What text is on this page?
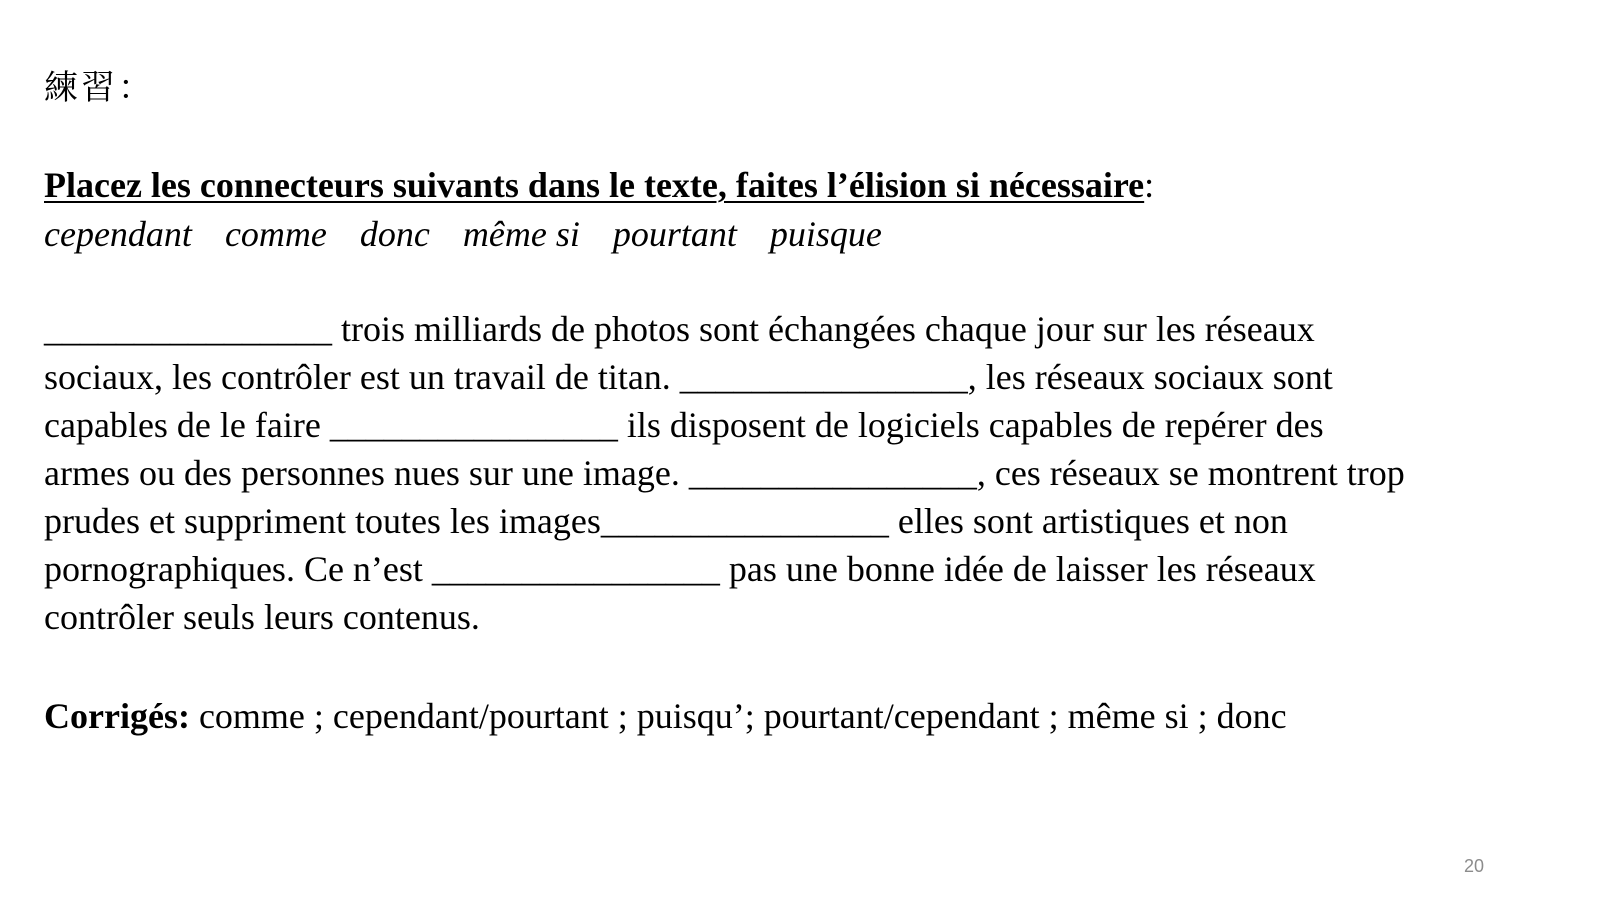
練習：
Placez les connecteurs suivants dans le texte, faites l’élision si nécessaire:
cependant comme donc même si pourtant puisque
________________ trois milliards de photos sont échangées chaque jour sur les réseaux
sociaux, les contrôler est un travail de titan. ________________, les réseaux sociaux sont
capables de le faire ________________ ils disposent de logiciels capables de repérer des
armes ou des personnes nues sur une image. ________________, ces réseaux se montrent trop
prudes et suppriment toutes les images________________ elles sont artistiques et non
pornographiques. Ce n’est ________________ pas une bonne idée de laisser les réseaux
contrôler seuls leurs contenus.
Corrigés: comme ; cependant/pourtant ; puisqu’; pourtant/cependant ; même si ; donc
20
